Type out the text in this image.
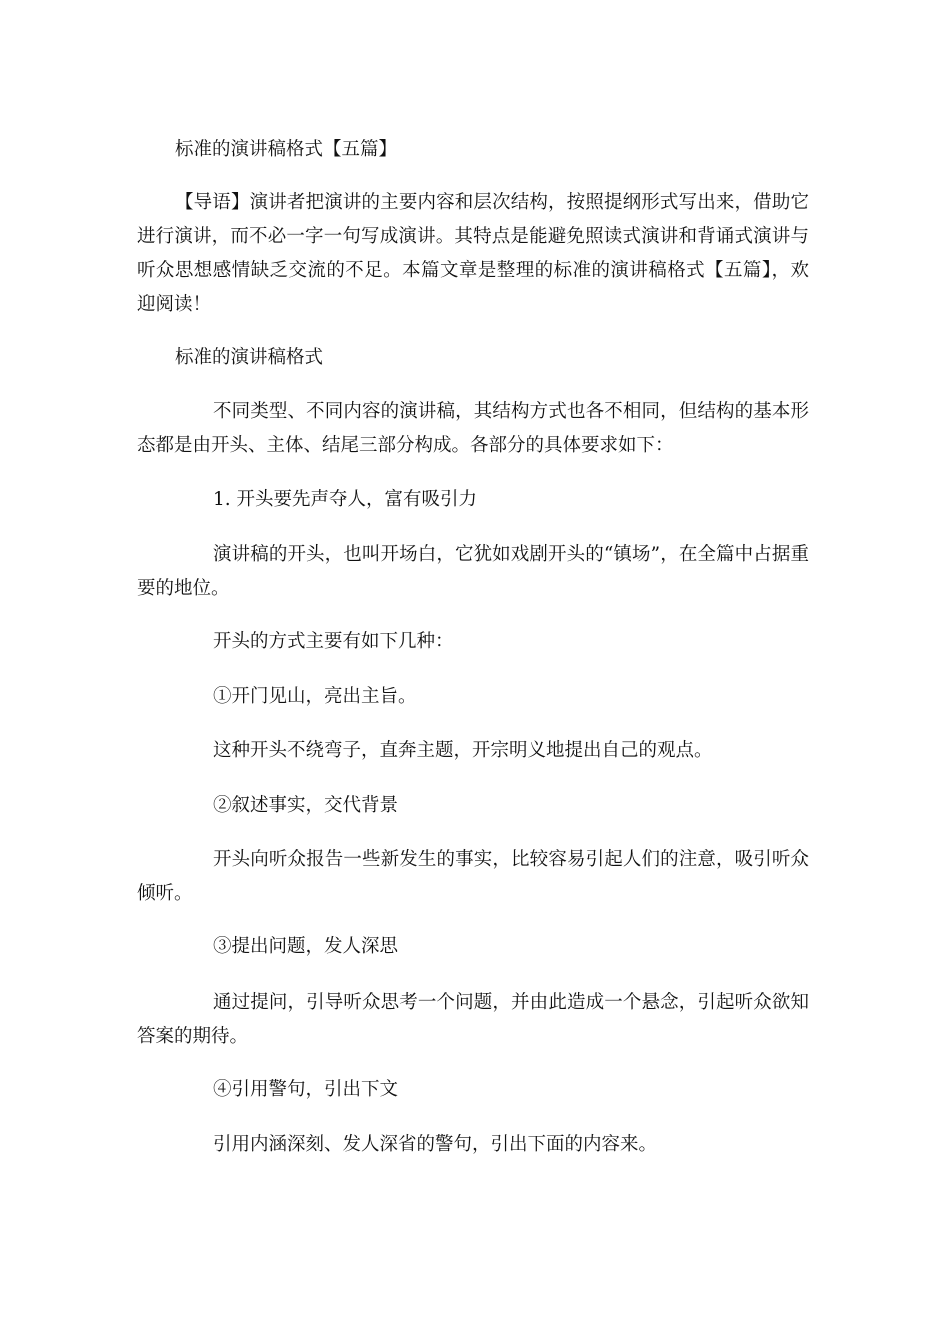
标准的演讲稿格式【五篇】

【导语】演讲者把演讲的主要内容和层次结构，按照提纲形式写出来，借助它进行演讲，而不必一字一句写成演讲。其特点是能避免照读式演讲和背诵式演讲与听众思想感情缺乏交流的不足。本篇文章是整理的标准的演讲稿格式【五篇】，欢迎阅读！

标准的演讲稿格式

不同类型、不同内容的演讲稿，其结构方式也各不相同，但结构的基本形态都是由开头、主体、结尾三部分构成。各部分的具体要求如下：

1. 开头要先声夺人，富有吸引力

演讲稿的开头，也叫开场白，它犹如戏剧开头的“镇场”，在全篇中占据重要的地位。

开头的方式主要有如下几种：

①开门见山，亮出主旨。

这种开头不绕弯子，直奔主题，开宗明义地提出自己的观点。

②叙述事实，交代背景

开头向听众报告一些新发生的事实，比较容易引起人们的注意，吸引听众倾听。

③提出问题，发人深思

通过提问，引导听众思考一个问题，并由此造成一个悬念，引起听众欲知答案的期待。

④引用警句，引出下文

引用内涵深刻、发人深省的警句，引出下面的内容来。
